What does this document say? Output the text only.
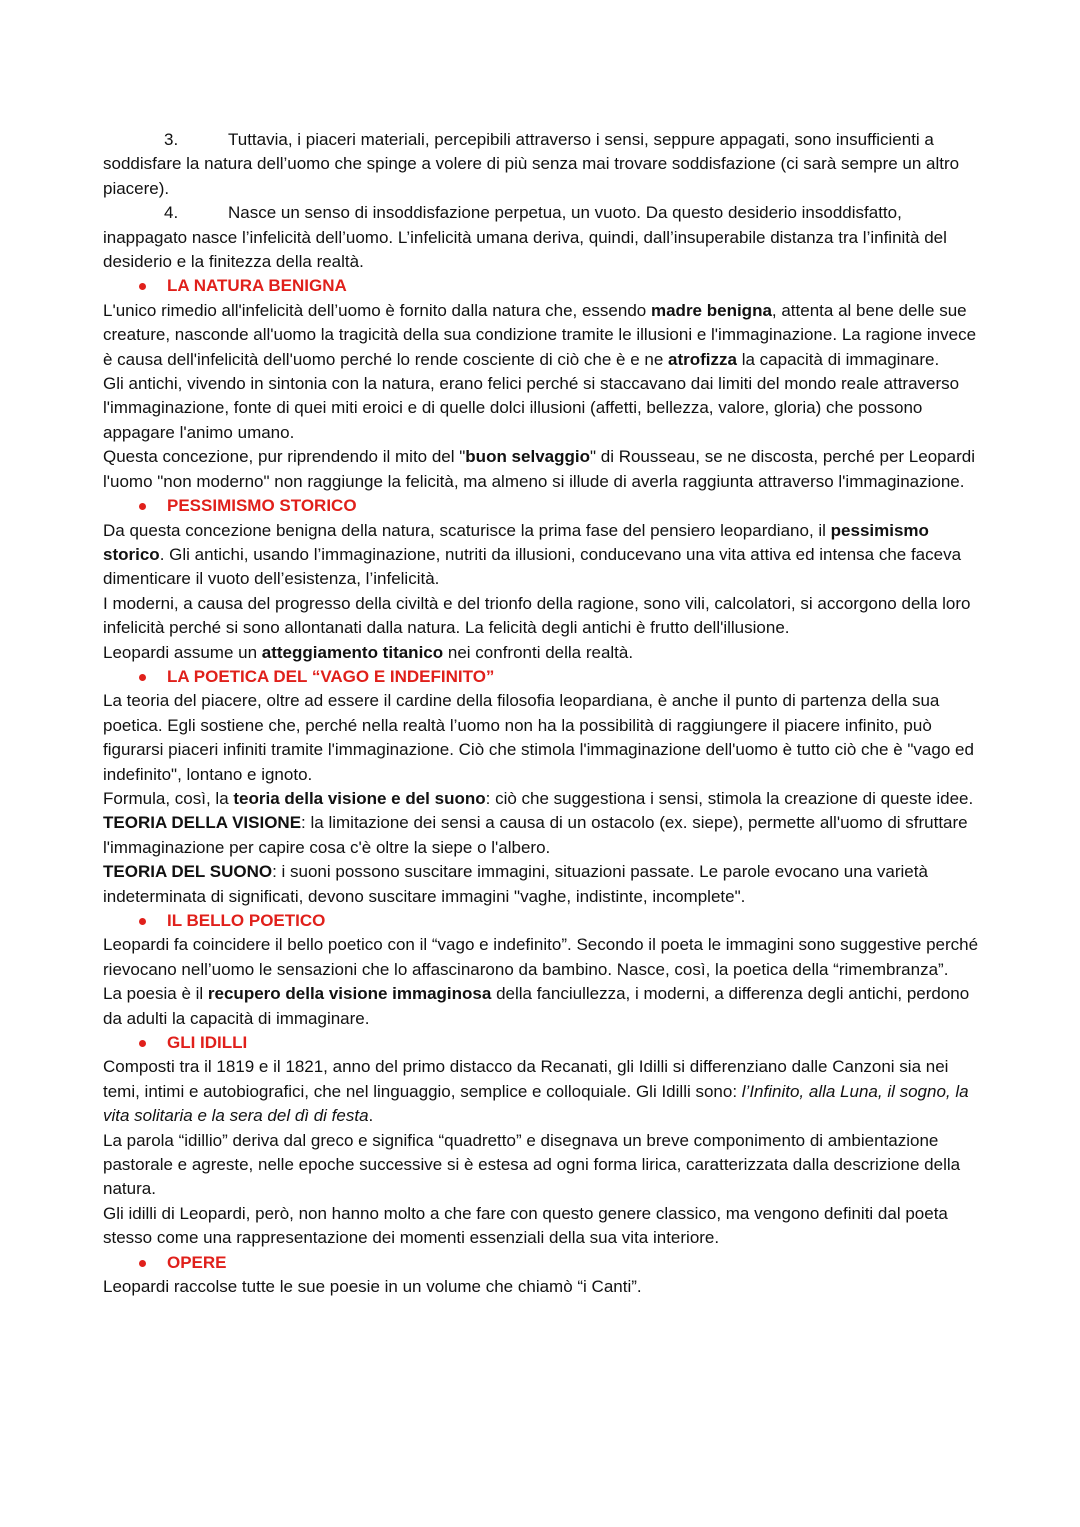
3.	Tuttavia, i piaceri materiali, percepibili attraverso i sensi, seppure appagati, sono insufficienti a soddisfare la natura dell’uomo che spinge a volere di più senza mai trovare soddisfazione (ci sarà sempre un altro piacere).

4.	Nasce un senso di insoddisfazione perpetua, un vuoto. Da questo desiderio insoddisfatto, inappagato nasce l’infelicità dell’uomo. L’infelicità umana deriva, quindi, dall’insuperabile distanza tra l’infinità del desiderio e la finitezza della realtà.

LA NATURA BENIGNA

L'unico rimedio all'infelicità dell’uomo è fornito dalla natura che, essendo madre benigna, attenta al bene delle sue creature, nasconde all'uomo la tragicità della sua condizione tramite le illusioni e l'immaginazione. La ragione invece è causa dell'infelicità dell'uomo perché lo rende cosciente di ciò che è e ne atrofizza la capacità di immaginare.

Gli antichi, vivendo in sintonia con la natura, erano felici perché si staccavano dai limiti del mondo reale attraverso l'immaginazione, fonte di quei miti eroici e di quelle dolci illusioni (affetti, bellezza, valore, gloria) che possono appagare l'animo umano.

Questa concezione, pur riprendendo il mito del "buon selvaggio" di Rousseau, se ne discosta, perché per Leopardi l'uomo "non moderno" non raggiunge la felicità, ma almeno si illude di averla raggiunta attraverso l'immaginazione.

PESSIMISMO STORICO

Da questa concezione benigna della natura, scaturisce la prima fase del pensiero leopardiano, il pessimismo storico. Gli antichi, usando l’immaginazione, nutriti da illusioni, conducevano una vita attiva ed intensa che faceva dimenticare il vuoto dell’esistenza, l’infelicità.

I moderni, a causa del progresso della civiltà e del trionfo della ragione, sono vili, calcolatori, si accorgono della loro infelicità perché si sono allontanati dalla natura. La felicità degli antichi è frutto dell'illusione.

Leopardi assume un atteggiamento titanico nei confronti della realtà.

LA POETICA DEL “VAGO E INDEFINITO”

La teoria del piacere, oltre ad essere il cardine della filosofia leopardiana, è anche il punto di partenza della sua poetica. Egli sostiene che, perché nella realtà l’uomo non ha la possibilità di raggiungere il piacere infinito, può figurarsi piaceri infiniti tramite l'immaginazione. Ciò che stimola l'immaginazione dell'uomo è tutto ciò che è "vago ed indefinito", lontano e ignoto.

Formula, così, la teoria della visione e del suono: ciò che suggestiona i sensi, stimola la creazione di queste idee.

TEORIA DELLA VISIONE: la limitazione dei sensi a causa di un ostacolo (ex. siepe), permette all'uomo di sfruttare l'immaginazione per capire cosa c'è oltre la siepe o l'albero.

TEORIA DEL SUONO: i suoni possono suscitare immagini, situazioni passate. Le parole evocano una varietà indeterminata di significati, devono suscitare immagini "vaghe, indistinte, incomplete".

IL BELLO POETICO

Leopardi fa coincidere il bello poetico con il “vago e indefinito”. Secondo il poeta le immagini sono suggestive perché rievocano nell’uomo le sensazioni che lo affascinarono da bambino. Nasce, così, la poetica della “rimembranza”.

La poesia è il recupero della visione immaginosa della fanciullezza, i moderni, a differenza degli antichi, perdono da adulti la capacità di immaginare.

GLI IDILLI

Composti tra il 1819 e il 1821, anno del primo distacco da Recanati, gli Idilli si differenziano dalle Canzoni sia nei temi, intimi e autobiografici, che nel linguaggio, semplice e colloquiale. Gli Idilli sono: l’Infinito, alla Luna, il sogno, la vita solitaria e la sera del dì di festa.

La parola “idillio” deriva dal greco e significa “quadretto” e disegnava un breve componimento di ambientazione pastorale e agreste, nelle epoche successive si è estesa ad ogni forma lirica, caratterizzata dalla descrizione della natura.

Gli idilli di Leopardi, però, non hanno molto a che fare con questo genere classico, ma vengono definiti dal poeta stesso come una rappresentazione dei momenti essenziali della sua vita interiore.

OPERE

Leopardi raccolse tutte le sue poesie in un volume che chiamò “i Canti”.
